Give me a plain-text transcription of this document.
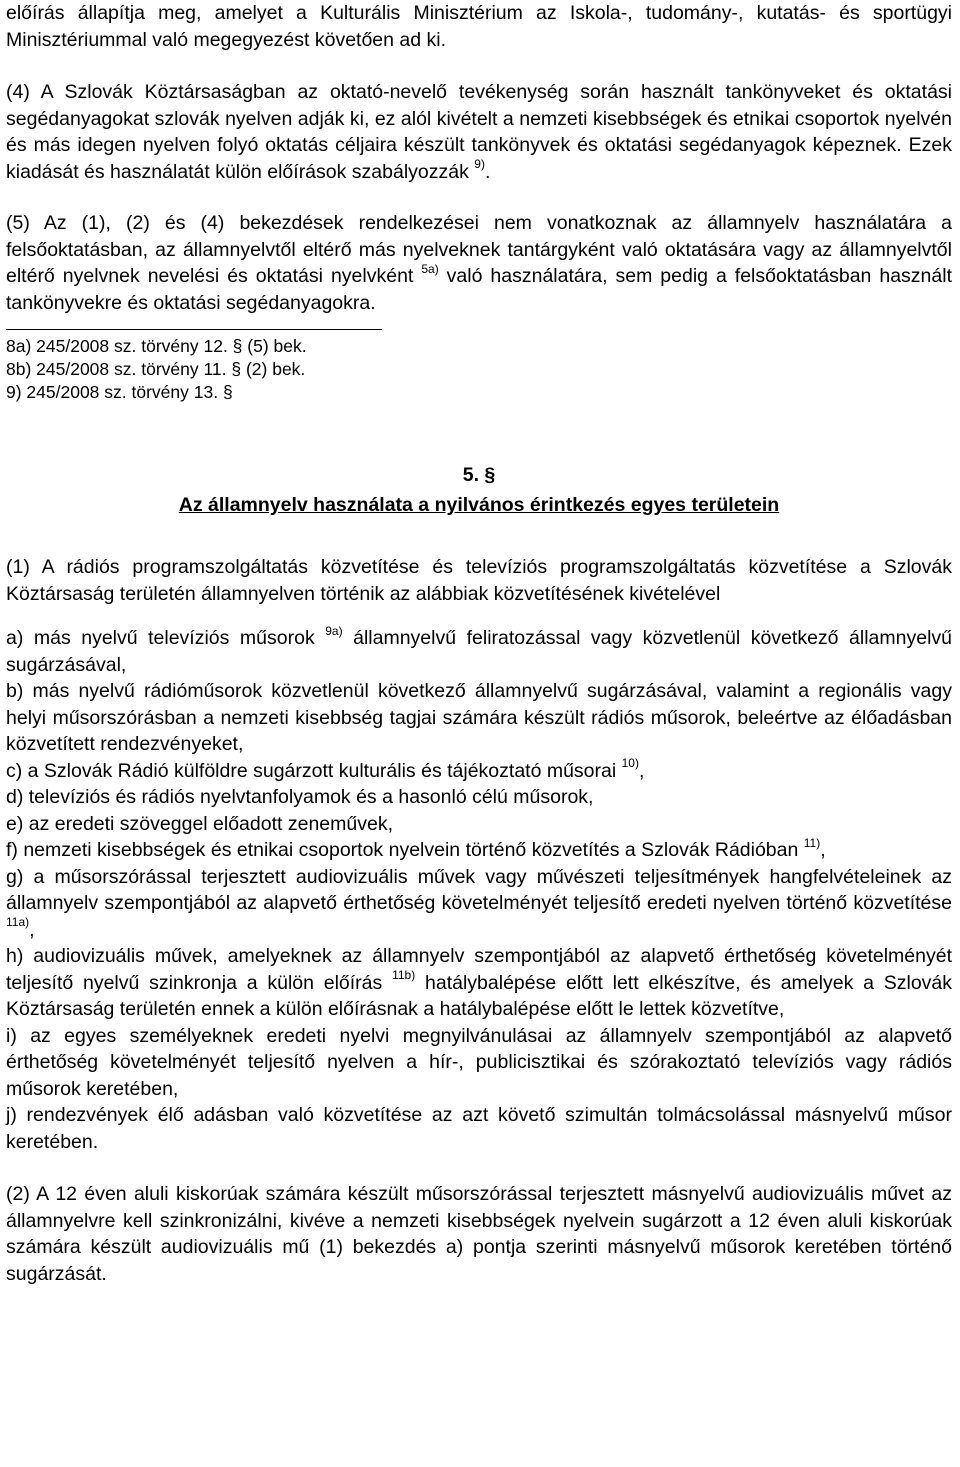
előírás állapítja meg, amelyet a Kulturális Minisztérium az Iskola-, tudomány-, kutatás- és sportügyi Minisztériummal való megegyezést követően ad ki.

(4) A Szlovák Köztársaságban az oktató-nevelő tevékenység során használt tankönyveket és oktatási segédanyagokat szlovák nyelven adják ki, ez alól kivételt a nemzeti kisebbségek és etnikai csoportok nyelvén és más idegen nyelven folyó oktatás céljaira készült tankönyvek és oktatási segédanyagok képeznek. Ezek kiadását és használatát külön előírások szabályozzák $^{9)}$.

(5) Az (1), (2) és (4) bekezdések rendelkezései nem vonatkoznak az államnyelv használatára a felsőoktatásban, az államnyelvtől eltérő más nyelveknek tantárgyként való oktatására vagy az államnyelvtől eltérő nyelvnek nevelési és oktatási nyelvként $^{5a)}$ való használatára, sem pedig a felsőoktatásban használt tankönyvekre és oktatási segédanyagokra.

8a) 245/2008 sz. törvény 12. § (5) bek.

8b) 245/2008 sz. törvény 11. § (2) bek.

9) 245/2008 sz. törvény 13. §

5. §
Az államnyelv használata a nyilvános érintkezés egyes területein

(1) A rádiós programszolgáltatás közvetítése és televíziós programszolgáltatás közvetítése a Szlovák Köztársaság területén államnyelven történik az alábbiak közvetítésének kivételével

a) más nyelvű televíziós műsorok $^{9a)}$ államnyelvű feliratozással vagy közvetlenül következő államnyelvű sugárzásával,

b) más nyelvű rádióműsorok közvetlenül következő államnyelvű sugárzásával, valamint a regionális vagy helyi műsorszórásban a nemzeti kisebbség tagjai számára készült rádiós műsorok, beleértve az élőadásban közvetített rendezvényeket,

c) a Szlovák Rádió külföldre sugárzott kulturális és tájékoztató műsorai $^{10)}$,

d) televíziós és rádiós nyelvtanfolyamok és a hasonló célú műsorok,

e) az eredeti szöveggel előadott zeneművek,

f) nemzeti kisebbségek és etnikai csoportok nyelvein történő közvetítés a Szlovák Rádióban $^{11)}$,

g) a műsorszórással terjesztett audiovizuális művek vagy művészeti teljesítmények hangfelvételeinek az államnyelv szempontjából az alapvető érthetőség követelményét teljesítő eredeti nyelven történő közvetítése $^{11a)}$,

h) audiovizuális művek, amelyeknek az államnyelv szempontjából az alapvető érthetőség követelményét teljesítő nyelvű szinkronja a külön előírás $^{11b)}$ hatálybalépése előtt lett elkészítve, és amelyek a Szlovák Köztársaság területén ennek a külön előírásnak a hatálybalépése előtt le lettek közvetítve,

i) az egyes személyeknek eredeti nyelvi megnyilvánulásai az államnyelv szempontjából az alapvető érthetőség követelményét teljesítő nyelven a hír-, publicisztikai és szórakoztató televíziós vagy rádiós műsorok keretében,

j) rendezvények élő adásban való közvetítése az azt követő szimultán tolmácsolással másnyelvű műsor keretében.

(2) A 12 éven aluli kiskorúak számára készült műsorszórással terjesztett másnyelvű audiovizuális művet az államnyelvre kell szinkronizálni, kivéve a nemzeti kisebbségek nyelvein sugárzott a 12 éven aluli kiskorúak számára készült audiovizuális mű (1) bekezdés a) pontja szerinti másnyelvű műsorok keretében történő sugárzását.
